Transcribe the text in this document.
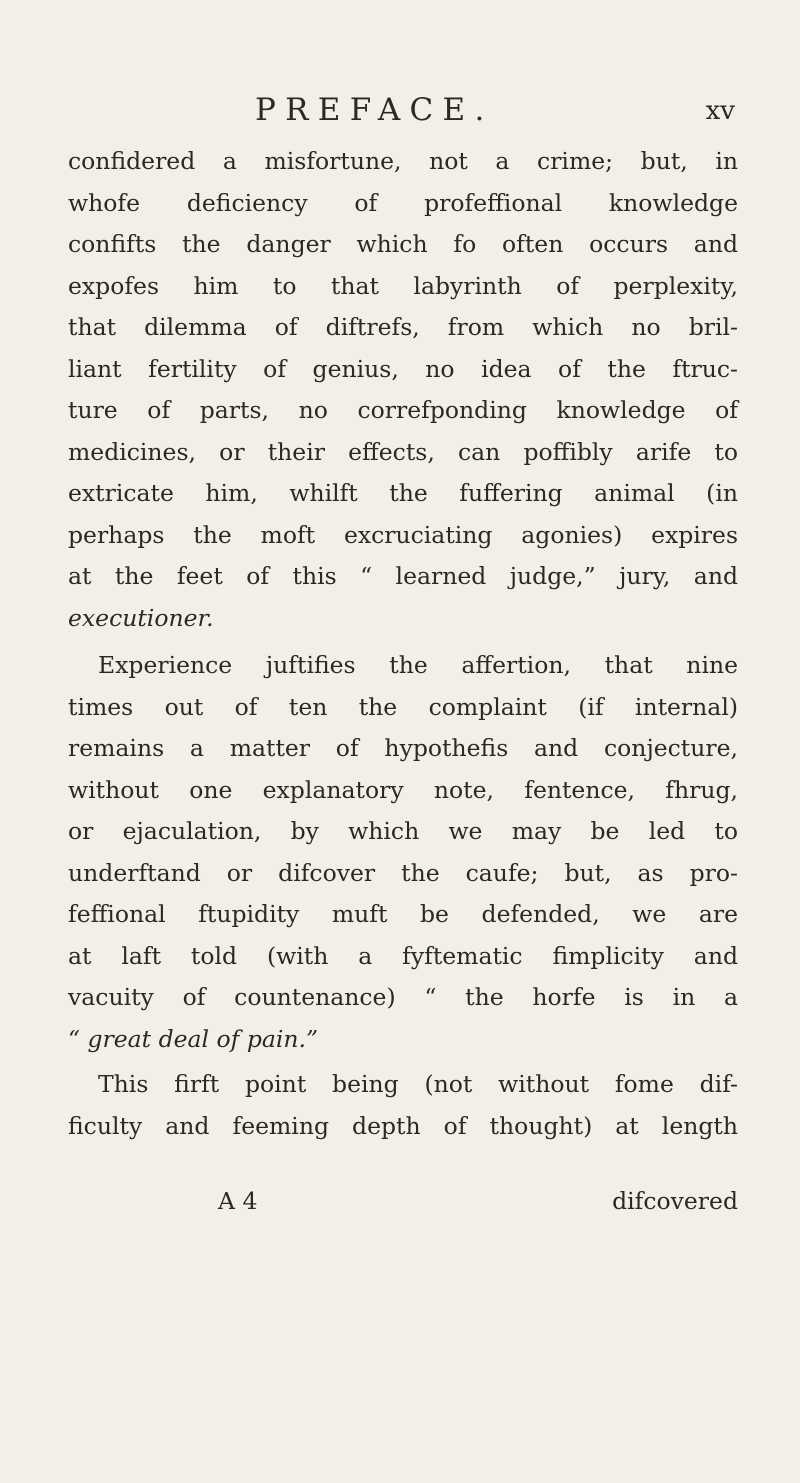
PREFACE.	xv
confidered a misfortune, not a crime; but, in
whofe deficiency of profeffional knowledge
confifts the danger which fo often occurs and
expofes him to that labyrinth of perplexity,
that dilemma of diftrefs, from which no bril-
liant fertility of genius, no idea of the ftruc-
ture of parts, no correfponding knowledge of
medicines, or their effects, can poffibly arife to
extricate him, whilft the fuffering animal (in
perhaps the moft excruciating agonies) expires
at the feet of this “ learned judge,” jury, and
executioner.
Experience juftifies the affertion, that nine
times out of ten the complaint (if internal)
remains a matter of hypothefis and conjecture,
without one explanatory note, fentence, fhrug,
or ejaculation, by which we may be led to
underftand or difcover the caufe; but, as pro-
feffional ftupidity muft be defended, we are
at laft told (with a fyftematic fimplicity and
vacuity of countenance) “ the horfe is in a
“ great deal of pain.”
This firft point being (not without fome dif-
ficulty and feeming depth of thought) at length
A 4	difcovered
